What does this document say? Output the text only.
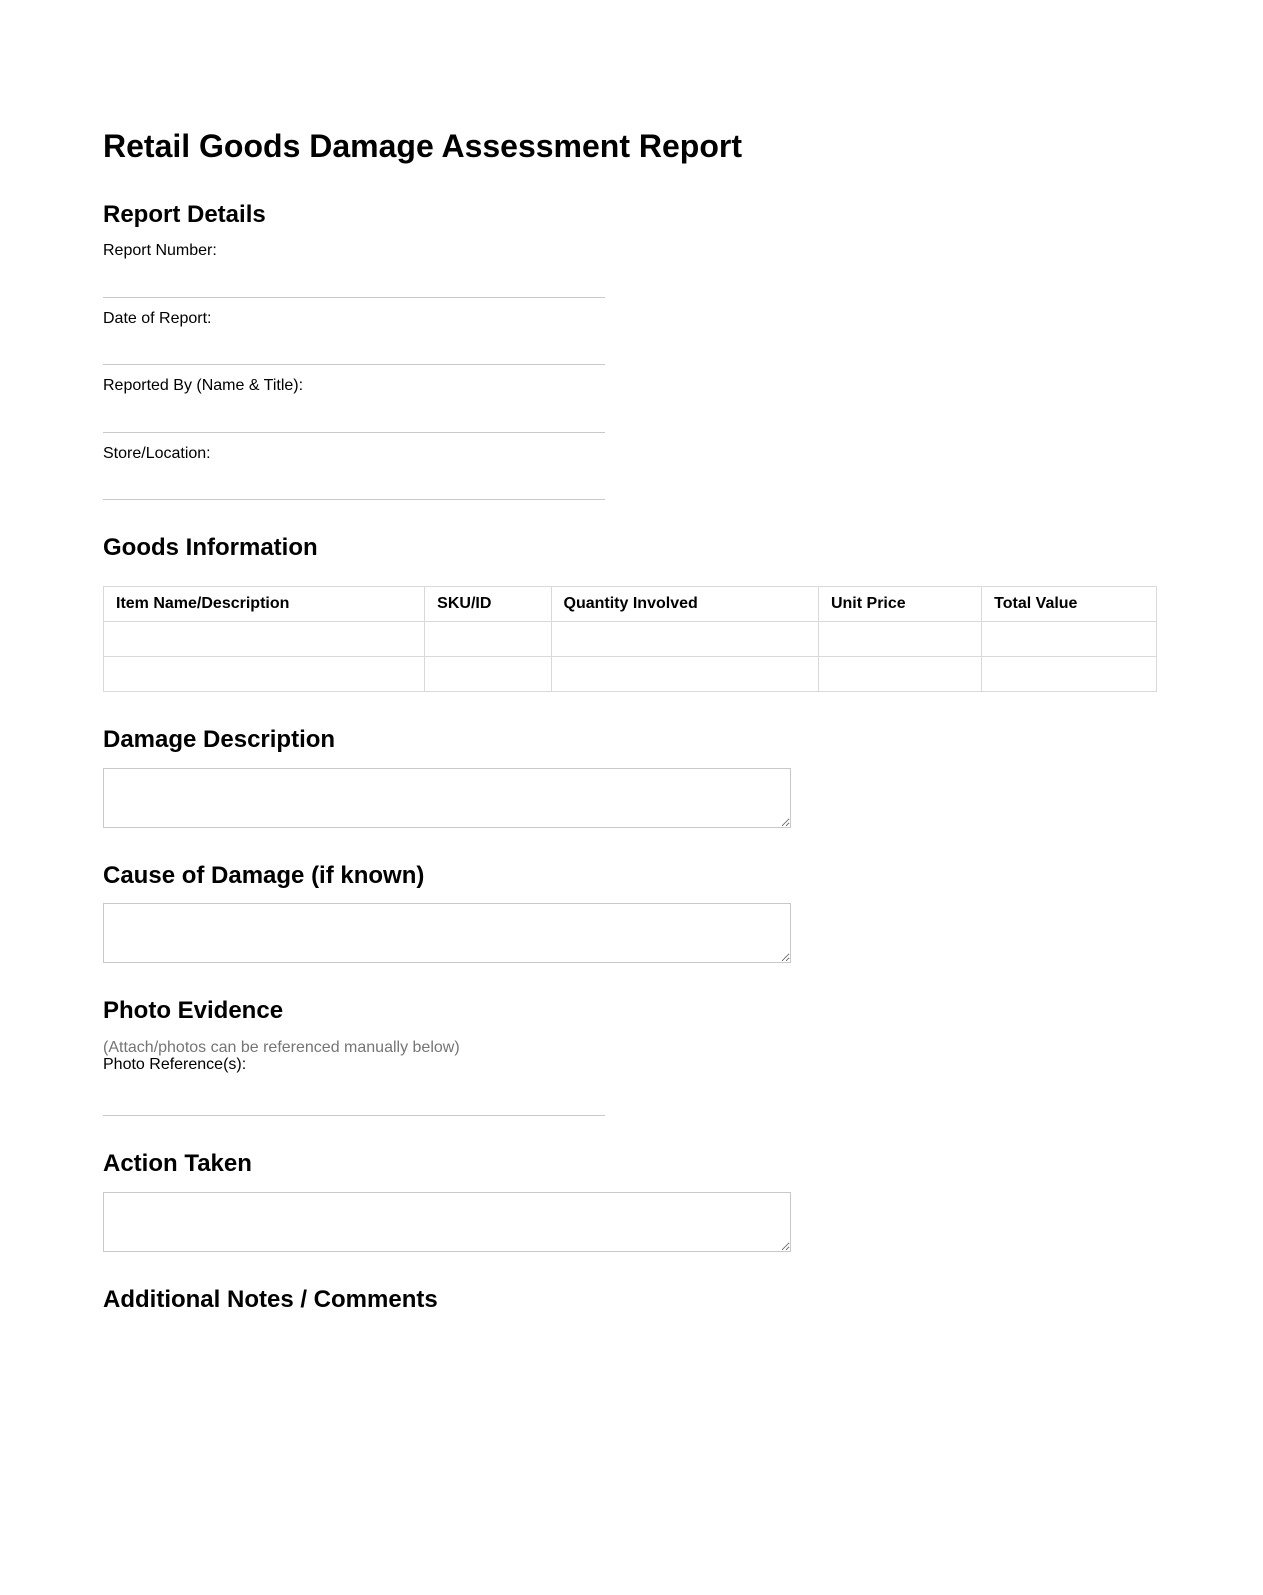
Retail Goods Damage Assessment Report
Report Details
Report Number:
Date of Report:
Reported By (Name & Title):
Store/Location:
Goods Information
Item Name/Description	SKU/ID	Quantity Involved	Unit Price	Total Value

Damage Description
Cause of Damage (if known)
Photo Evidence

(Attach/photos can be referenced manually below)

Photo Reference(s):
Action Taken
Additional Notes / Comments
